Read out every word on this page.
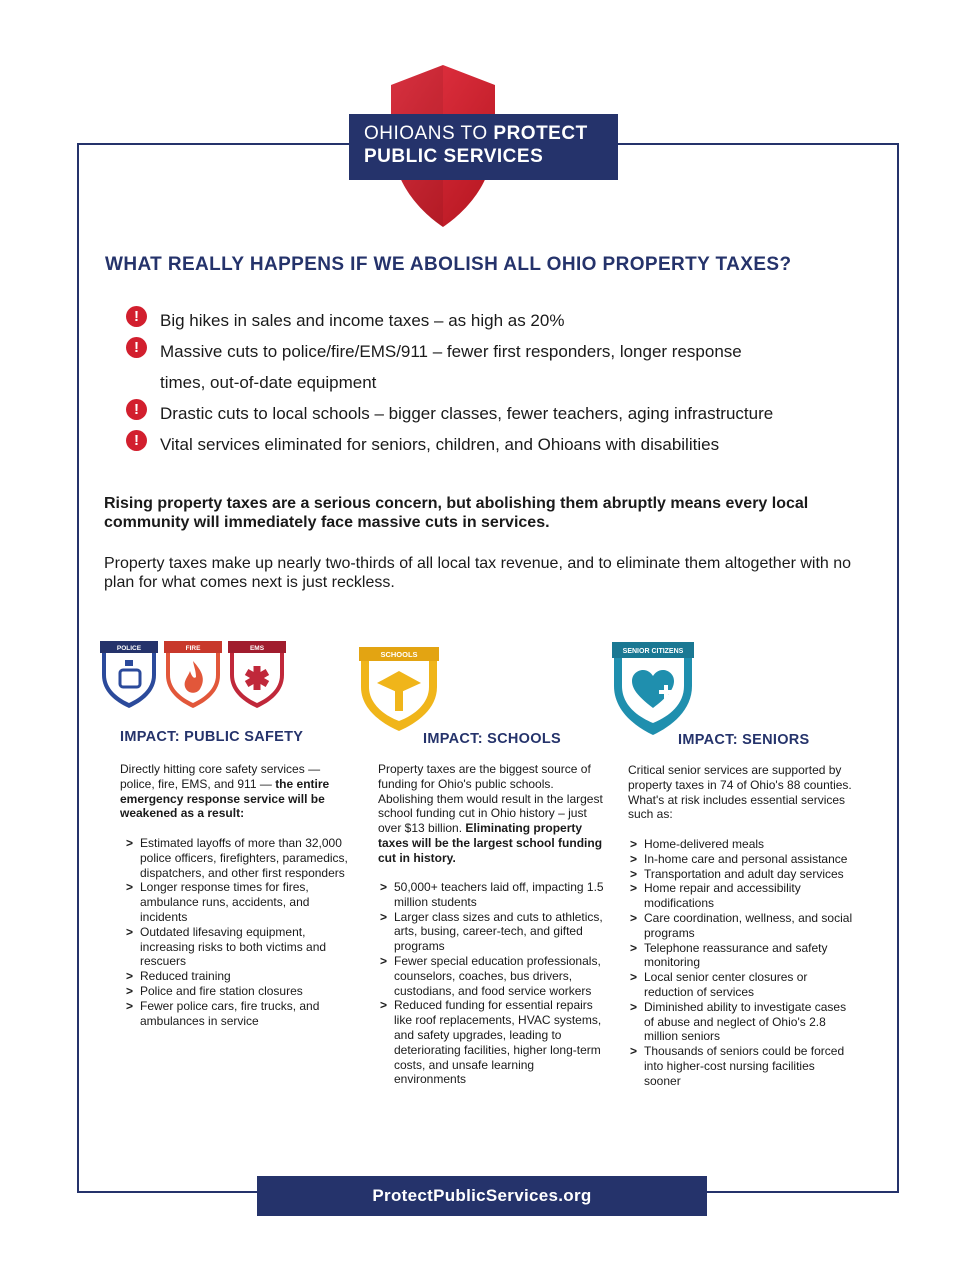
OHIOANS TO PROTECT
PUBLIC SERVICES
WHAT REALLY HAPPENS IF WE ABOLISH ALL OHIO PROPERTY TAXES?
!	Big hikes in sales and income taxes – as high as 20%
!	Massive cuts to police/fire/EMS/911 – fewer first responders, longer response
times, out-of-date equipment
!	Drastic cuts to local schools – bigger classes, fewer teachers, aging infrastructure
!	Vital services eliminated for seniors, children, and Ohioans with disabilities
Rising property taxes are a serious concern, but abolishing them abruptly means every local community will immediately face massive cuts in services.
Property taxes make up nearly two-thirds of all local tax revenue, and to eliminate them altogether with no plan for what comes next is just reckless.
POLICE	FIRE	EMS
SCHOOLS	SENIOR CITIZENS
IMPACT: PUBLIC SAFETY	IMPACT: SCHOOLS	IMPACT: SENIORS
Directly hitting core safety services — police, fire, EMS, and 911 — the entire emergency response service will be weakened as a result:
> Estimated layoffs of more than 32,000 police officers, firefighters, paramedics, dispatchers, and other first responders
> Longer response times for fires, ambulance runs, accidents, and incidents
> Outdated lifesaving equipment, increasing risks to both victims and rescuers
> Reduced training
> Police and fire station closures
> Fewer police cars, fire trucks, and ambulances in service
Property taxes are the biggest source of funding for Ohio's public schools. Abolishing them would result in the largest school funding cut in Ohio history – just over $13 billion. Eliminating property taxes will be the largest school funding cut in history.
> 50,000+ teachers laid off, impacting 1.5 million students
> Larger class sizes and cuts to athletics, arts, busing, career-tech, and gifted programs
> Fewer special education professionals, counselors, coaches, bus drivers, custodians, and food service workers
> Reduced funding for essential repairs like roof replacements, HVAC systems, and safety upgrades, leading to deteriorating facilities, higher long-term costs, and unsafe learning environments
Critical senior services are supported by property taxes in 74 of Ohio's 88 counties. What's at risk includes essential services such as:
> Home-delivered meals
> In-home care and personal assistance
> Transportation and adult day services
> Home repair and accessibility modifications
> Care coordination, wellness, and social programs
> Telephone reassurance and safety monitoring
> Local senior center closures or reduction of services
> Diminished ability to investigate cases of abuse and neglect of Ohio's 2.8 million seniors
> Thousands of seniors could be forced into higher-cost nursing facilities sooner
ProtectPublicServices.org
